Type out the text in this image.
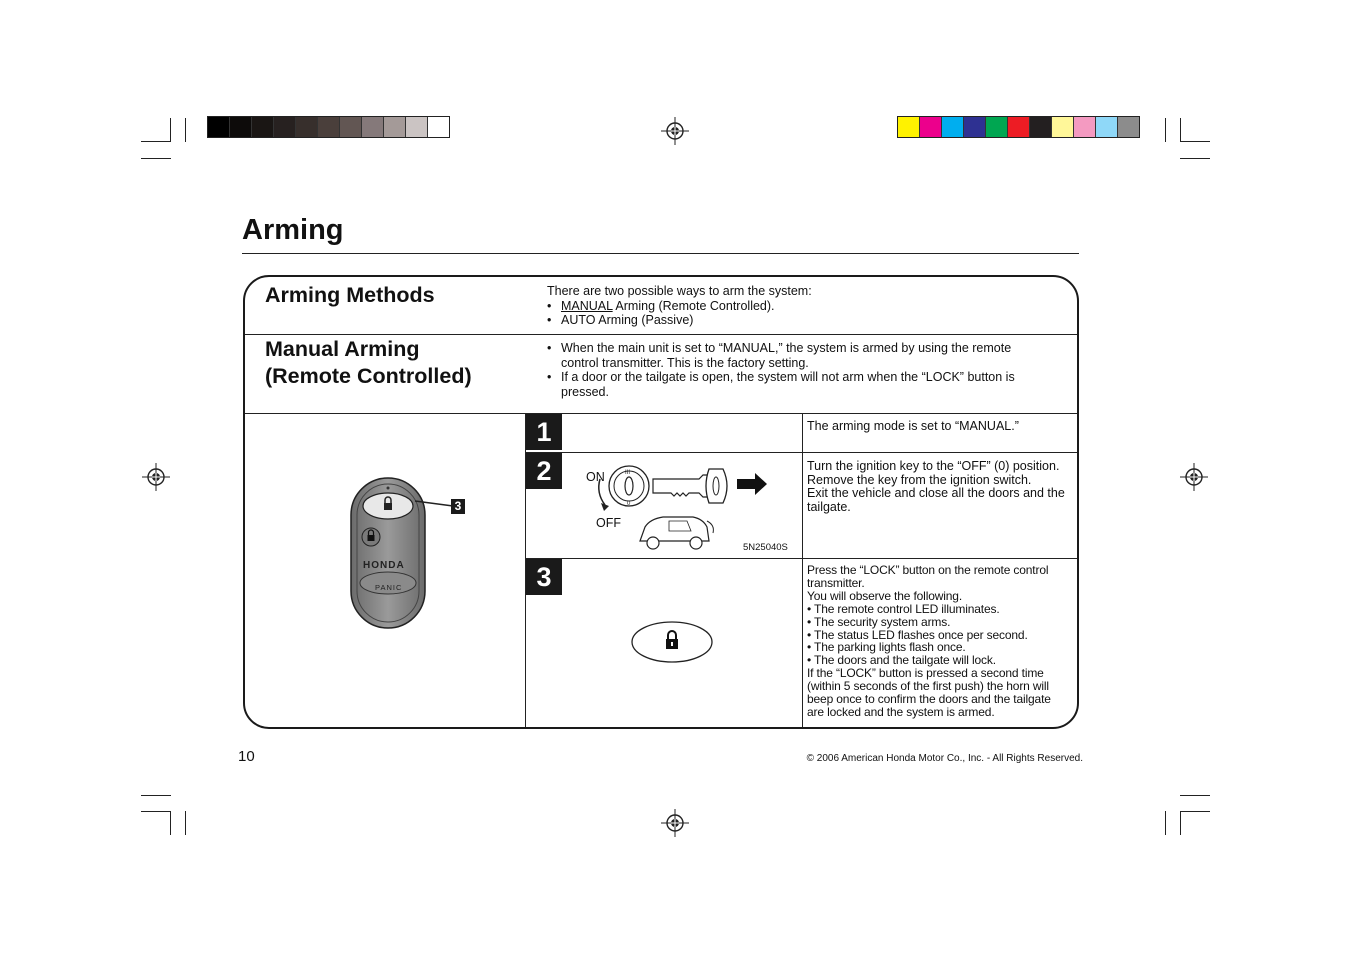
Arming
Arming Methods	There are two possible ways to arm the system:
• MANUAL Arming (Remote Controlled).
• AUTO Arming (Passive)
Manual Arming
(Remote Controlled)
• When the main unit is set to “MANUAL,” the system is armed by using the remote control transmitter. This is the factory setting.
• If a door or the tailgate is open, the system will not arm when the “LOCK” button is pressed.
HONDA
PANIC
3
1	The arming mode is set to “MANUAL.”
2	Turn the ignition key to the “OFF” (0) position.
Remove the key from the ignition switch.
Exit the vehicle and close all the doors and the tailgate.
ON
OFF
5N25040S
III
0
3	Press the “LOCK” button on the remote control transmitter.
You will observe the following.
• The remote control LED illuminates.
• The security system arms.
• The status LED flashes once per second.
• The parking lights flash once.
• The doors and the tailgate will lock.
If the “LOCK” button is pressed a second time (within 5 seconds of the first push) the horn will beep once to confirm the doors and the tailgate are locked and the system is armed.
10	© 2006 American Honda Motor Co., Inc. - All Rights Reserved.
